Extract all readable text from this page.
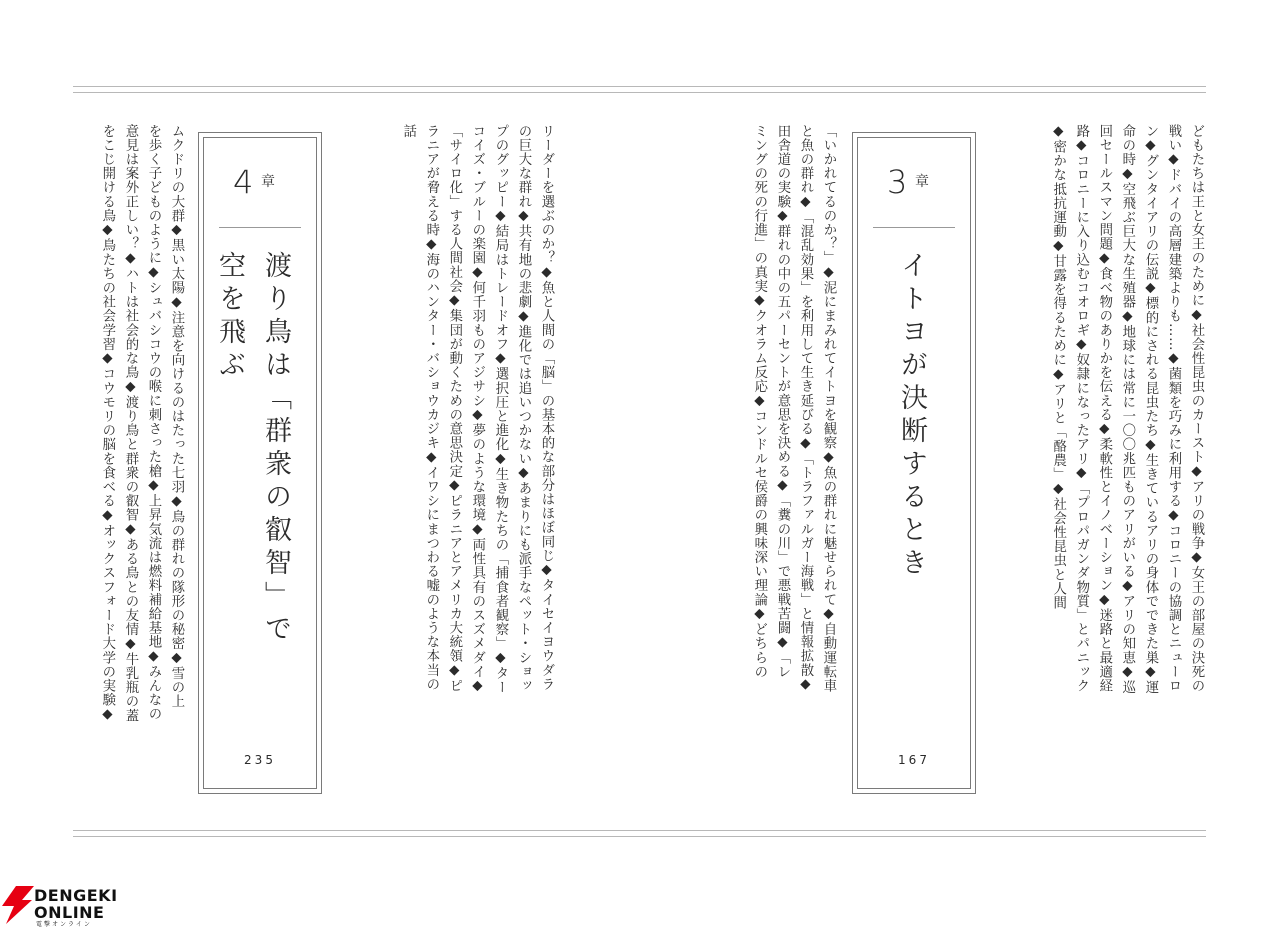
どもたちは王と女王のために◆社会性昆虫のカースト◆アリの戦争◆女王の部屋の決死の
戦い◆ドバイの高層建築よりも……◆菌類を巧みに利用する◆コロニーの協調とニューロ
ン◆グンタイアリの伝説◆標的にされる昆虫たち◆生きているアリの身体でできた巣◆運
命の時◆空飛ぶ巨大な生殖器◆地球には常に一〇〇兆匹ものアリがいる◆アリの知恵◆巡
回セールスマン問題◆食べ物のありかを伝える◆柔軟性とイノベーション◆迷路と最適経
路◆コロニーに入り込むコオロギ◆奴隷になったアリ◆「プロパガンダ物質」とパニック
◆密かな抵抗運動◆甘露を得るために◆アリと「酪農」◆社会性昆虫と人間
3 章
イトヨが決断するとき
167
「いかれてるのか？」◆泥にまみれてイトヨを観察◆魚の群れに魅せられて◆自動運転車
と魚の群れ◆「混乱効果」を利用して生き延びる◆「トラファルガー海戦」と情報拡散◆
田舎道の実験◆群れの中の五パーセントが意思を決める◆「糞の川」で悪戦苦闘◆「レ
ミングの死の行進」の真実◆クオラム反応◆コンドルセ侯爵の興味深い理論◆どちらの
リーダーを選ぶのか？◆魚と人間の「脳」の基本的な部分はほぼ同じ◆タイセイヨウダラ
の巨大な群れ◆共有地の悲劇◆進化では追いつかない◆あまりにも派手なペット・ショッ
プのグッピー◆結局はトレードオフ◆選択圧と進化◆生き物たちの「捕食者観察」◆ター
コイズ・ブルーの楽園◆何千羽ものアジサシ◆夢のような環境◆両性具有のスズメダイ◆
「サイロ化」する人間社会◆集団が動くための意思決定◆ピラニアとアメリカ大統領◆ピ
ラニアが脅える時◆海のハンター・バショウカジキ◆イワシにまつわる嘘のような本当の
話
4 章
渡り鳥は「群衆の叡智」で
空を飛ぶ
235
ムクドリの大群◆黒い太陽◆注意を向けるのはたった七羽◆鳥の群れの隊形の秘密◆雪の上
を歩く子どものように◆シュバシコウの喉に刺さった槍◆上昇気流は燃料補給基地◆みんなの
意見は案外正しい？◆ハトは社会的な鳥◆渡り鳥と群衆の叡智◆ある鳥との友情◆牛乳瓶の蓋
をこじ開ける鳥◆鳥たちの社会学習◆コウモリの脳を食べる◆オックスフォード大学の実験◆
DENGEKI
ONLINE
電撃オンライン
